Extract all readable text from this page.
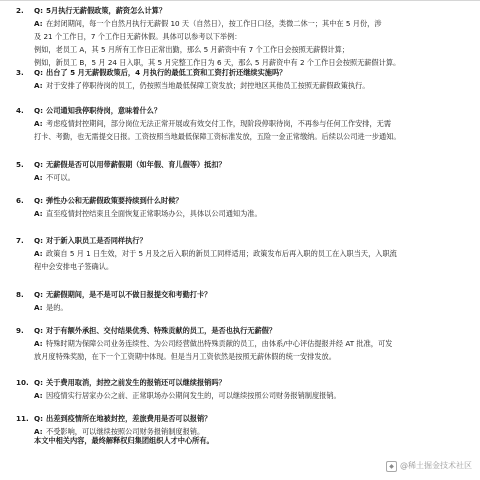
2. Q: 5月执行无薪假政策，薪资怎么计算？
A: 在封闭期间，每一个自然月执行无薪假 10 天（自然日），按工作日口径，类微二休一；其中在 5 月份，涉
及 21 个工作日，7 个工作日无薪休假。具体可以参考以下举例：
例如，老员工 A，其 5 月所有工作日正常出勤，那么 5 月薪资中有 7 个工作日会按照无薪假计算；
例如，新员工 B，5 月 24 日入职，其 5 月完整工作日为 6 天，那么 5 月薪资中有 2 个工作日会按照无薪假计算。
3. Q: 出台了 5 月无薪假政策后，4 月执行的最低工资和工资打折还继续实施吗？
A: 对于安排了停职待岗的员工，仍按照当地最低保障工资发放；封控地区其他员工按照无薪假政策执行。
4. Q: 公司通知我停职待岗，意味着什么？
A: 考虑疫情封控期间，部分岗位无法正常开展或有效交付工作，现阶段停职待岗，不再参与任何工作安排，无需
打卡、考勤，也无需提交日报。工资按照当地最低保障工资标准发放，五险一金正常缴纳。后续以公司进一步通知。
5. Q: 无薪假是否可以用带薪假期（如年假、育儿假等）抵扣？
A: 不可以。
6. Q: 弹性办公和无薪假政策要持续到什么时候？
A: 直至疫情封控结束且全面恢复正常职场办公，具体以公司通知为准。
7. Q: 对于新入职员工是否同样执行？
A: 政策自 5 月 1 日生效，对于 5 月及之后入职的新员工同样适用；政策发布后再入职的员工在入职当天，入职流
程中会安排电子签确认。
8. Q: 无薪假期间，是不是可以不做日报提交和考勤打卡？
A: 是的。
9. Q: 对于有额外承担、交付结果优秀、特殊贡献的员工，是否也执行无薪假？
A: 特殊时期为保障公司业务连续性、为公司经营做出特殊贡献的员工，由体系/中心评估提报并经 AT 批准，可发
放月度特殊奖励，在下一个工资期中体现。但是当月工资依然是按照无薪休假的统一安排发放。
10. Q: 关于费用取消，封控之前发生的报销还可以继续报销吗？
A: 因疫情实行居家办公之前、正常职场办公期间发生的，可以继续按照公司财务报销制度报销。
11. Q: 出差到疫情所在地被封控，差旅费用是否可以报销？
A: 不受影响，可以继续按照公司财务报销制度报销。
本文中相关内容，最终解释权归集团组织人才中心所有。
◆ @稀土掘金技术社区
